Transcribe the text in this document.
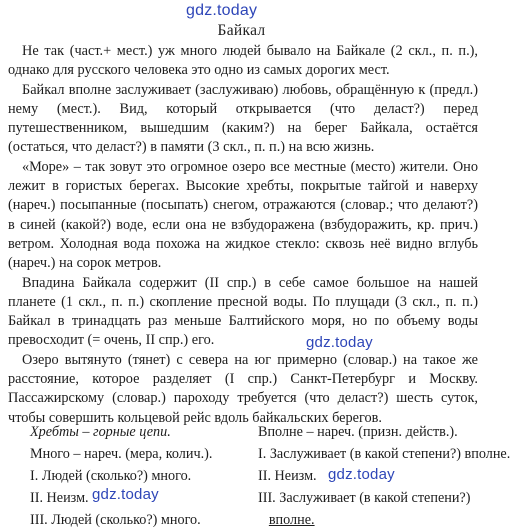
gdz.today
Байкал

Не так (част.+ мест.) уж много людей бывало на Байкале (2 скл., п. п.), однако для русского человека это одно из самых дорогих мест.

Байкал вполне заслуживает (заслуживаю) любовь, обращённую к (предл.) нему (мест.). Вид, который открывается (что деласт?) перед путешественником, вышедшим (каким?) на берег Байкала, остаётся (остаться, что деласт?) в памяти (3 скл., п. п.) на всю жизнь.

«Море» – так зовут это огромное озеро все местные (место) жители. Оно лежит в гористых берегах. Высокие хребты, покрытые тайгой и наверху (нареч.) посыпанные (посыпать) снегом, отражаются (словар.; что делают?) в синей (какой?) воде, если она не взбудоражена (взбудоражить, кр. прич.) ветром. Холодная вода похожа на жидкое стекло: сквозь неё видно вглубь (нареч.) на сорок метров.

Впадина Байкала содержит (II спр.) в себе самое большое на нашей планете (1 скл., п. п.) скопление пресной воды. По плущади (3 скл., п. п.) Байкал в тринадцать раз меньше Балтийского моря, но по объему воды превосходит (= очень, II спр.) его.

Озеро вытянуто (тянет) с севера на юг примерно (словар.) на такое же расстояние, которое разделяет (I спр.) Санкт-Петербург и Москву. Пассажирскому (словар.) пароходу требуется (что деласт?) шесть суток, чтобы совершить кольцевой рейс вдоль байкальских берегов.

gdz.today
Хребты – горные цепи.	Вполне – нареч. (призн. действ.).
Много – нареч. (мера, колич.).	I. Заслуживает (в какой степени?) вполне.
I. Людей (сколько?) много.	II. Неизм.
II. Неизм.	III. Заслуживает (в какой степени?)
III. Людей (сколько?) много.	вполне.
gdz.today
gdz.today
